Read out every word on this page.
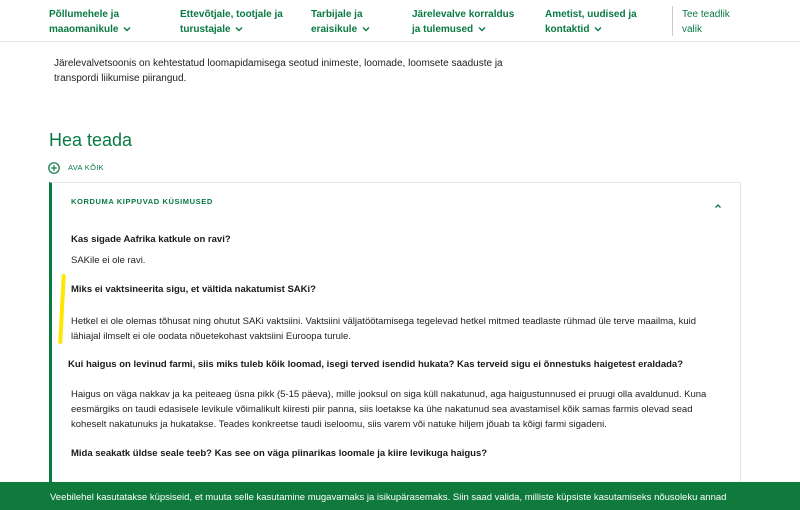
Põllumehele ja
maaomanikule
Ettevõtjale, tootjale ja
turustajale
Tarbijale ja
eraisikule
Järelevalve korraldus
ja tulemused
Ametist, uudised ja
kontaktid
Tee teadlik
valik

Järelevalvetsoonis on kehtestatud loomapidamisega seotud inimeste, loomade, loomsete saaduste ja transpordi liikumise piirangud.

Hea teada
AVA KÕIK
KORDUMA KIPPUVAD KÜSIMUSED
Kas sigade Aafrika katkule on ravi?
SAKile ei ole ravi.
Miks ei vaktsineerita sigu, et vältida nakatumist SAKi?
Hetkel ei ole olemas tõhusat ning ohutut SAKi vaktsiini. Vaktsiini väljatöötamisega tegelevad hetkel mitmed teadlaste rühmad üle terve maailma, kuid lähiajal ilmselt ei ole oodata nõuetekohast vaktsiini Euroopa turule.
Kui haigus on levinud farmi, siis miks tuleb kõik loomad, isegi terved isendid hukata? Kas terveid sigu ei õnnestuks haigetest eraldada?
Haigus on väga nakkav ja ka peiteaeg üsna pikk (5-15 päeva), mille jooksul on siga küll nakatunud, aga haigustunnused ei pruugi olla avaldunud. Kuna eesmärgiks on taudi edasisele levikule võimalikult kiiresti piir panna, siis loetakse ka ühe nakatunud sea avastamisel kõik samas farmis olevad sead koheselt nakatunuks ja hukatakse. Teades konkreetse taudi iseloomu, siis varem või natuke hiljem jõuab ta kõigi farmi sigadeni.
Mida seakatk üldse seale teeb? Kas see on väga piinarikas loomale ja kiire levikuga haigus?
Veebilehel kasutatakse küpsiseid, et muuta selle kasutamine mugavamaks ja isikupärasemaks. Siin saad valida, milliste küpsiste kasutamiseks nõusoleku annad
